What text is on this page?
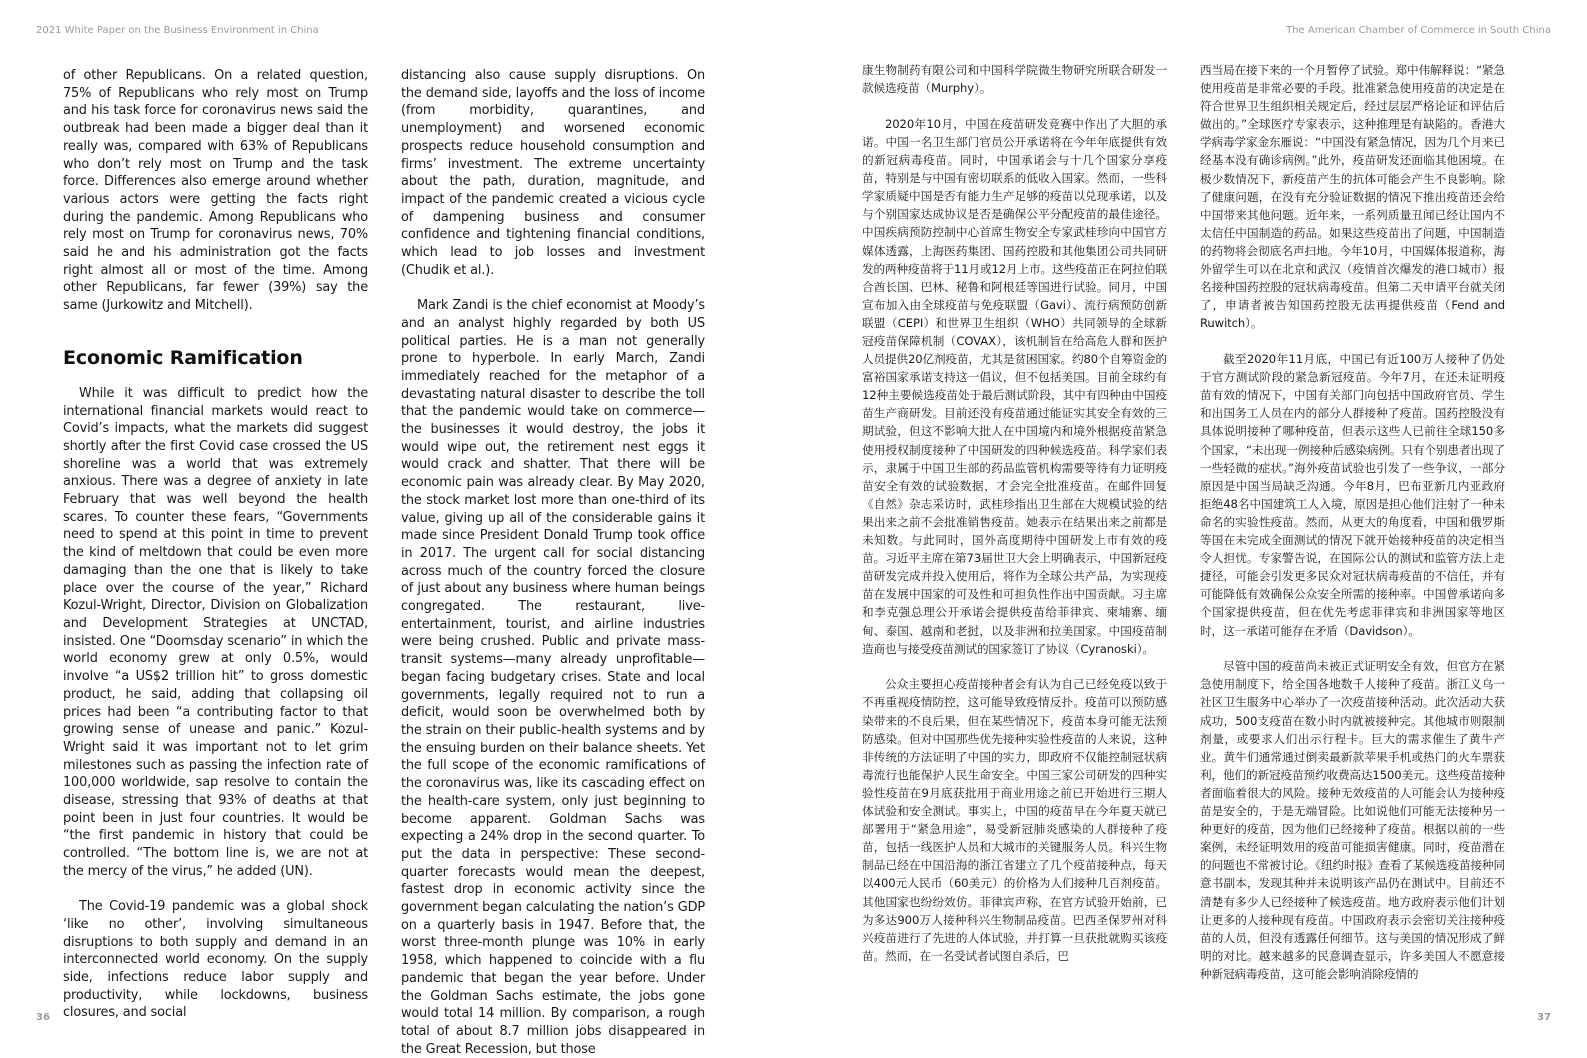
2021 White Paper on the Business Environment in China	The American Chamber of Commerce in South China

of other Republicans. On a related question, 75% of Republicans who rely most on Trump and his task force for coronavirus news said the outbreak had been made a bigger deal than it really was, compared with 63% of Republicans who don’t rely most on Trump and the task force. Differences also emerge around whether various actors were getting the facts right during the pandemic. Among Republicans who rely most on Trump for coronavirus news, 70% said he and his administration got the facts right almost all or most of the time. Among other Republicans, far fewer (39%) say the same (Jurkowitz and Mitchell).

Economic Ramification

While it was difficult to predict how the international financial markets would react to Covid’s impacts, what the markets did suggest shortly after the first Covid case crossed the US shoreline was a world that was extremely anxious. There was a degree of anxiety in late February that was well beyond the health scares. To counter these fears, “Governments need to spend at this point in time to prevent the kind of meltdown that could be even more damaging than the one that is likely to take place over the course of the year,” Richard Kozul-Wright, Director, Division on Globalization and Development Strategies at UNCTAD, insisted. One “Doomsday scenario” in which the world economy grew at only 0.5%, would involve “a US$2 trillion hit” to gross domestic product, he said, adding that collapsing oil prices had been “a contributing factor to that growing sense of unease and panic.” Kozul-Wright said it was important not to let grim milestones such as passing the infection rate of 100,000 worldwide, sap resolve to contain the disease, stressing that 93% of deaths at that point been in just four countries. It would be “the first pandemic in history that could be controlled. “The bottom line is, we are not at the mercy of the virus,” he added (UN).

The Covid-19 pandemic was a global shock ‘like no other’, involving simultaneous disruptions to both supply and demand in an interconnected world economy. On the supply side, infections reduce labor supply and productivity, while lockdowns, business closures, and social

distancing also cause supply disruptions. On the demand side, layoffs and the loss of income (from morbidity, quarantines, and unemployment) and worsened economic prospects reduce household consumption and firms’ investment. The extreme uncertainty about the path, duration, magnitude, and impact of the pandemic created a vicious cycle of dampening business and consumer confidence and tightening financial conditions, which lead to job losses and investment (Chudik et al.).

Mark Zandi is the chief economist at Moody’s and an analyst highly regarded by both US political parties. He is a man not generally prone to hyperbole. In early March, Zandi immediately reached for the metaphor of a devastating natural disaster to describe the toll that the pandemic would take on commerce—the businesses it would destroy, the jobs it would wipe out, the retirement nest eggs it would crack and shatter. That there will be economic pain was already clear. By May 2020, the stock market lost more than one-third of its value, giving up all of the considerable gains it made since President Donald Trump took office in 2017. The urgent call for social distancing across much of the country forced the closure of just about any business where human beings congregated. The restaurant, live-entertainment, tourist, and airline industries were being crushed. Public and private mass-transit systems—many already unprofitable—began facing budgetary crises. State and local governments, legally required not to run a deficit, would soon be overwhelmed both by the strain on their public-health systems and by the ensuing burden on their balance sheets. Yet the full scope of the economic ramifications of the coronavirus was, like its cascading effect on the health-care system, only just beginning to become apparent. Goldman Sachs was expecting a 24% drop in the second quarter. To put the data in perspective: These second-quarter forecasts would mean the deepest, fastest drop in economic activity since the government began calculating the nation’s GDP on a quarterly basis in 1947. Before that, the worst three-month plunge was 10% in early 1958, which happened to coincide with a flu pandemic that began the year before. Under the Goldman Sachs estimate, the jobs gone would total 14 million. By comparison, a rough total of about 8.7 million jobs disappeared in the Great Recession, but those

康生物制药有限公司和中国科学院微生物研究所联合研发一款候选疫苗（Murphy）。

2020年10月，中国在疫苗研发竞赛中作出了大胆的承诺。中国一名卫生部门官员公开承诺将在今年年底提供有效的新冠病毒疫苗。同时，中国承诺会与十几个国家分享疫苗，特别是与中国有密切联系的低收入国家。然而，一些科学家质疑中国是否有能力生产足够的疫苗以兑现承诺，以及与个别国家达成协议是否是确保公平分配疫苗的最佳途径。中国疾病预防控制中心首席生物安全专家武桂珍向中国官方媒体透露，上海医药集团、国药控股和其他集团公司共同研发的两种疫苗将于11月或12月上市。这些疫苗正在阿拉伯联合酋长国、巴林、秘鲁和阿根廷等国进行试验。同月，中国宣布加入由全球疫苗与免疫联盟（Gavi）、流行病预防创新联盟（CEPI）和世界卫生组织（WHO）共同领导的全球新冠疫苗保障机制（COVAX），该机制旨在给高危人群和医护人员提供20亿剂疫苗，尤其是贫困国家。约80个自筹资金的富裕国家承诺支持这一倡议，但不包括美国。目前全球约有12种主要候选疫苗处于最后测试阶段，其中有四种由中国疫苗生产商研发。目前还没有疫苗通过能证实其安全有效的三期试验，但这不影响大批人在中国境内和境外根据疫苗紧急使用授权制度接种了中国研发的四种候选疫苗。科学家们表示，隶属于中国卫生部的药品监管机构需要等待有力证明疫苗安全有效的试验数据，才会完全批准疫苗。在邮件回复《自然》杂志采访时，武桂珍指出卫生部在大规模试验的结果出来之前不会批准销售疫苗。她表示在结果出来之前都是未知数。与此同时，国外高度期待中国研发上市有效的疫苗。习近平主席在第73届世卫大会上明确表示，中国新冠疫苗研发完成并投入使用后，将作为全球公共产品，为实现疫苗在发展中国家的可及性和可担负性作出中国贡献。习主席和李克强总理公开承诺会提供疫苗给菲律宾、柬埔寨、缅甸、泰国、越南和老挝，以及非洲和拉美国家。中国疫苗制造商也与接受疫苗测试的国家签订了协议（Cyranoski）。

公众主要担心疫苗接种者会有认为自己已经免疫以致于不再重视疫情防控，这可能导致疫情反扑。疫苗可以预防感染带来的不良后果，但在某些情况下，疫苗本身可能无法预防感染。但对中国那些优先接种实验性疫苗的人来说，这种非传统的方法证明了中国的实力，即政府不仅能控制冠状病毒流行也能保护人民生命安全。中国三家公司研发的四种实验性疫苗在9月底获批用于商业用途之前已开始进行三期人体试验和安全测试。事实上，中国的疫苗早在今年夏天就已部署用于“紧急用途”，易受新冠肺炎感染的人群接种了疫苗，包括一线医护人员和大城市的关键服务人员。科兴生物制品已经在中国沿海的浙江省建立了几个疫苗接种点，每天以400元人民币（60美元）的价格为人们接种几百剂疫苗。其他国家也纷纷效仿。菲律宾声称，在官方试验开始前，已为多达900万人接种科兴生物制品疫苗。巴西圣保罗州对科兴疫苗进行了先进的人体试验，并打算一旦获批就购买该疫苗。然而，在一名受试者试图自杀后，巴

西当局在接下来的一个月暂停了试验。郑中伟解释说：“紧急使用疫苗是非常必要的手段。批准紧急使用疫苗的决定是在符合世界卫生组织相关规定后，经过层层严格论证和评估后做出的。”全球医疗专家表示，这种推理是有缺陷的。香港大学病毒学家金东雁说：“中国没有紧急情况，因为几个月来已经基本没有确诊病例。”此外，疫苗研发还面临其他困境。在极少数情况下，新疫苗产生的抗体可能会产生不良影响。除了健康问题，在没有充分验证数据的情况下推出疫苗还会给中国带来其他问题。近年来，一系列质量丑闻已经让国内不太信任中国制造的药品。如果这些疫苗出了问题，中国制造的药物将会彻底名声扫地。今年10月，中国媒体报道称，海外留学生可以在北京和武汉（疫情首次爆发的港口城市）报名接种国药控股的冠状病毒疫苗。但第二天申请平台就关闭了，申请者被告知国药控股无法再提供疫苗（Fend and Ruwitch）。

截至2020年11月底，中国已有近100万人接种了仍处于官方测试阶段的紧急新冠疫苗。今年7月，在还未证明疫苗有效的情况下，中国有关部门向包括中国政府官员、学生和出国务工人员在内的部分人群接种了疫苗。国药控股没有具体说明接种了哪种疫苗，但表示这些人已前往全球150多个国家，“未出现一例接种后感染病例。只有个别患者出现了一些轻微的症状。”海外疫苗试验也引发了一些争议，一部分原因是中国当局缺乏沟通。今年8月，巴布亚新几内亚政府拒绝48名中国建筑工人入境，原因是担心他们注射了一种未命名的实验性疫苗。然而，从更大的角度看，中国和俄罗斯等国在未完成全面测试的情况下就开始接种疫苗的决定相当令人担忧。专家警告说，在国际公认的测试和监管方法上走捷径，可能会引发更多民众对冠状病毒疫苗的不信任，并有可能降低有效确保公众安全所需的接种率。中国曾承诺向多个国家提供疫苗，但在优先考虑菲律宾和非洲国家等地区时，这一承诺可能存在矛盾（Davidson）。

尽管中国的疫苗尚未被正式证明安全有效，但官方在紧急使用制度下，给全国各地数千人接种了疫苗。浙江义乌一社区卫生服务中心举办了一次疫苗接种活动。此次活动大获成功，500支疫苗在数小时内就被接种完。其他城市则限制剂量，或要求人们出示行程卡。巨大的需求催生了黄牛产业。黄牛们通常通过倒卖最新款苹果手机或热门的火车票获利，他们的新冠疫苗预约收费高达1500美元。这些疫苗接种者面临着很大的风险。接种无效疫苗的人可能会认为接种疫苗是安全的，于是无端冒险。比如说他们可能无法接种另一种更好的疫苗，因为他们已经接种了疫苗。根据以前的一些案例，未经证明效用的疫苗可能损害健康。同时，疫苗潜在的问题也不常被讨论。《纽约时报》查看了某候选疫苗接种同意书副本，发现其种并未说明该产品仍在测试中。目前还不清楚有多少人已经接种了候选疫苗。地方政府表示他们计划让更多的人接种现有疫苗。中国政府表示会密切关注接种疫苗的人员，但没有透露任何细节。这与美国的情况形成了鲜明的对比。越来越多的民意调查显示，许多美国人不愿意接种新冠病毒疫苗，这可能会影响消除疫情的

36	37
